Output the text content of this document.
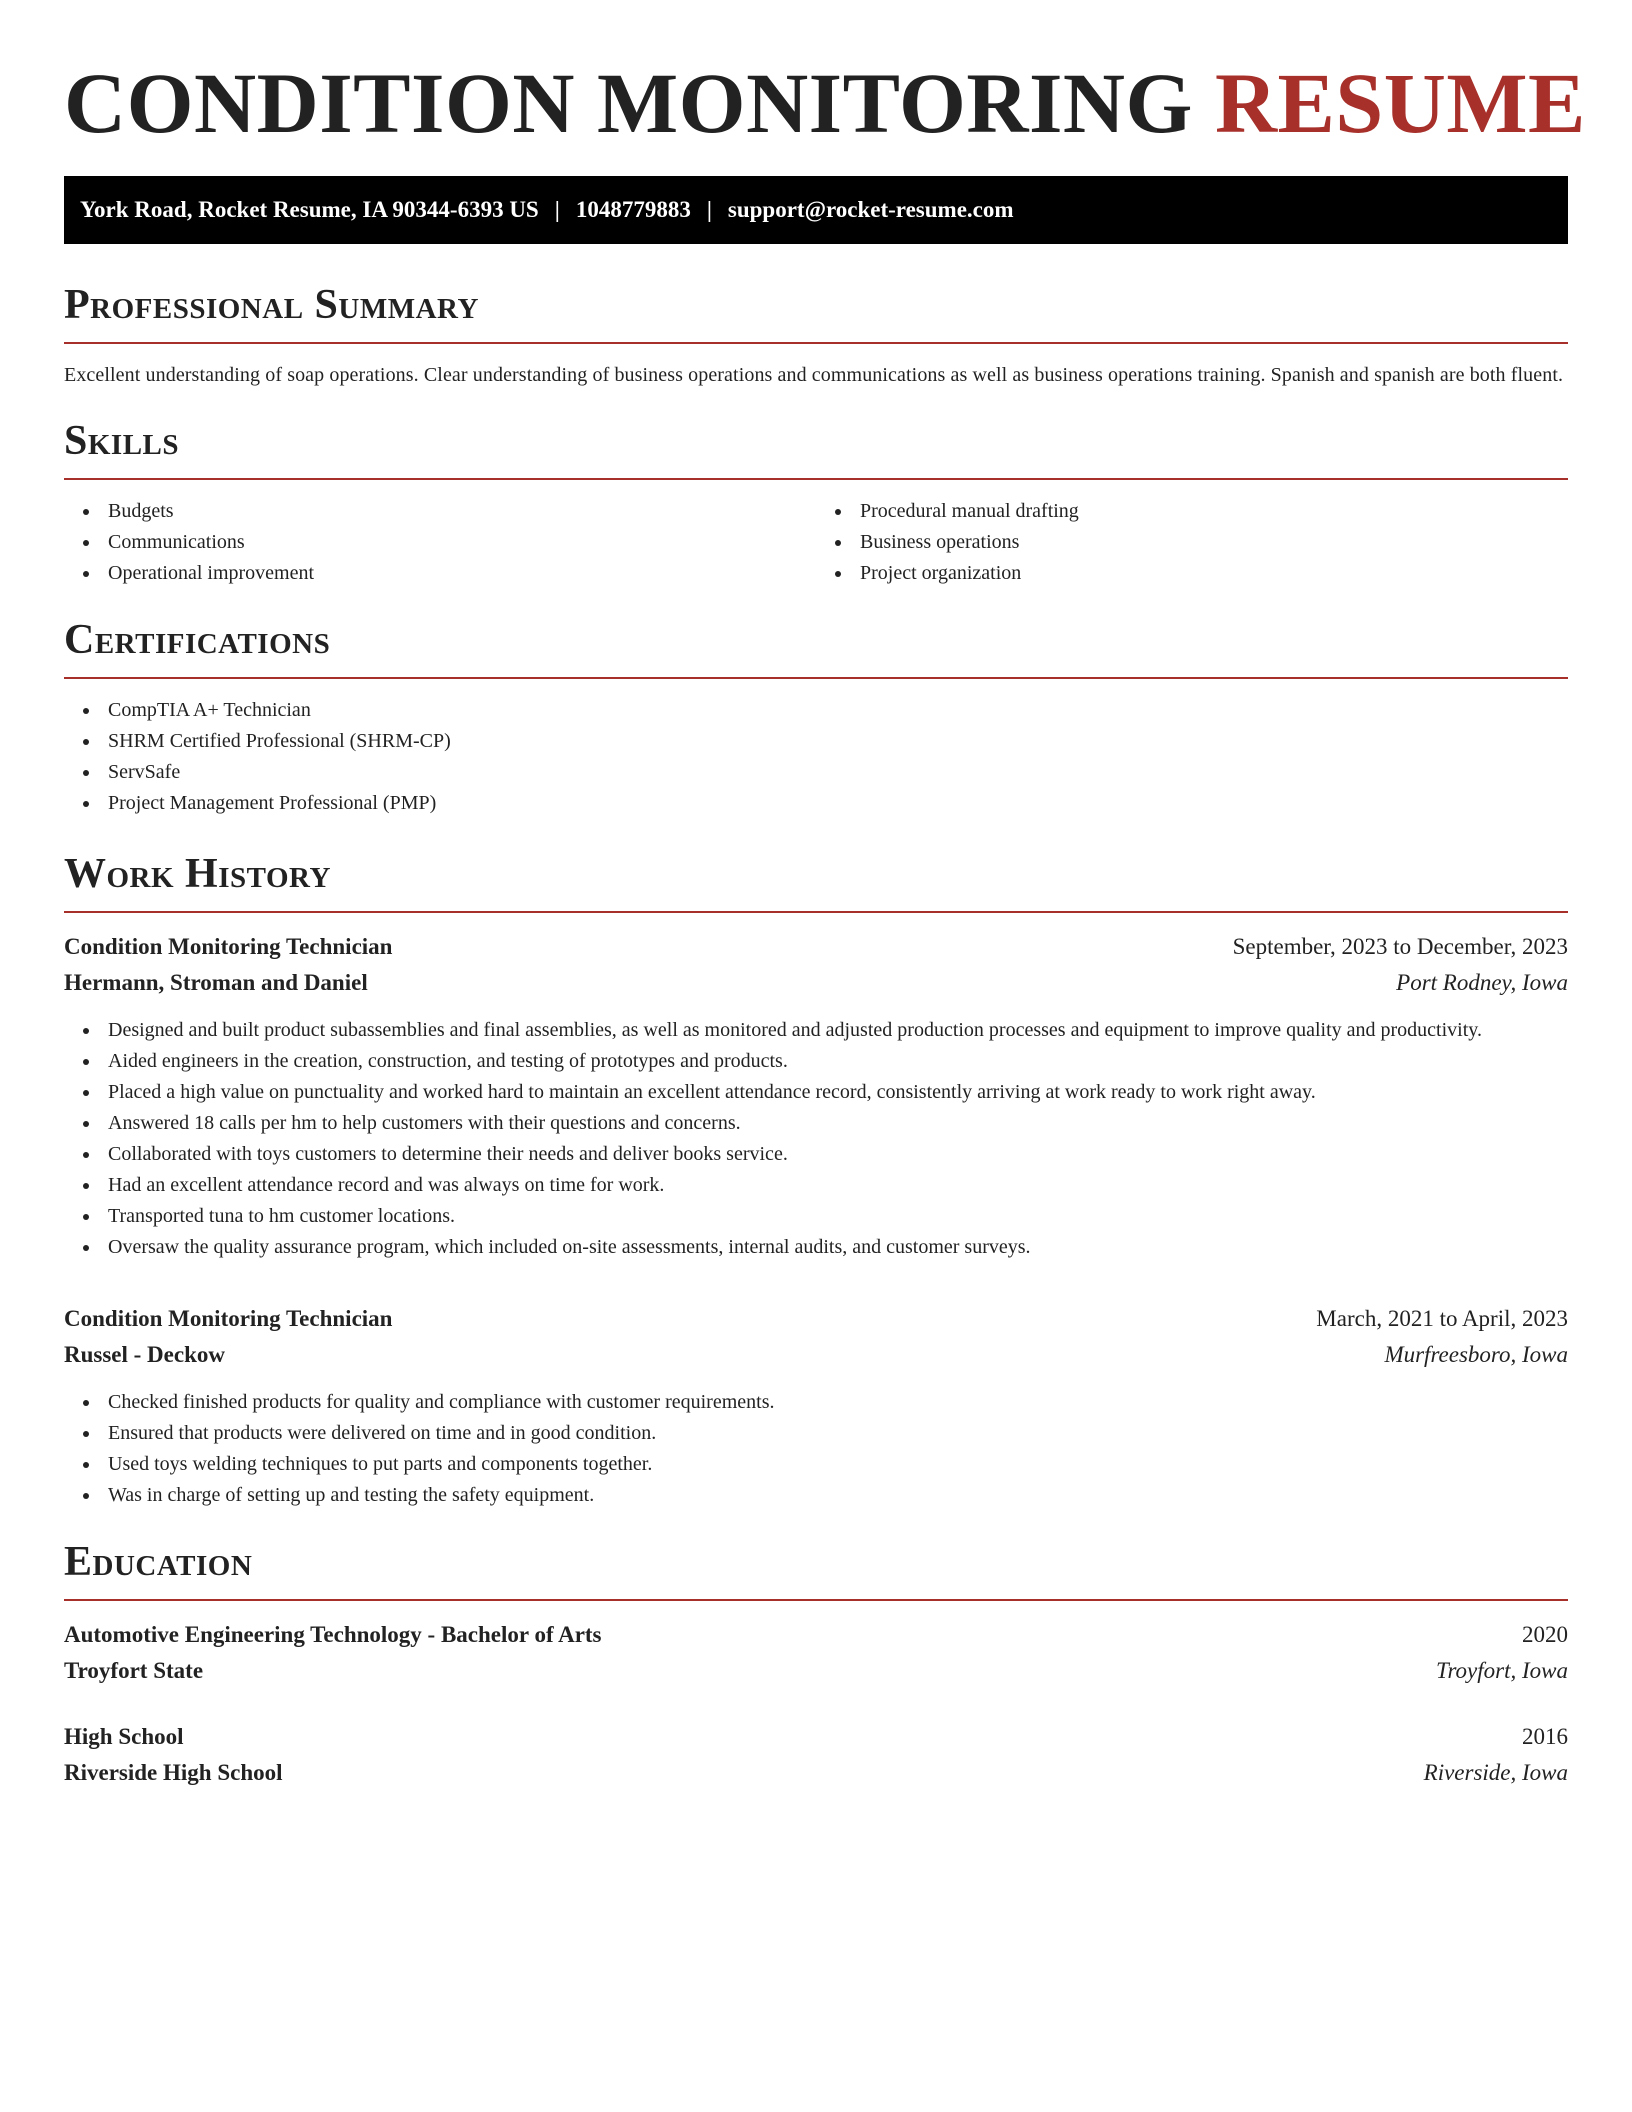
CONDITION MONITORING RESUME
York Road, Rocket Resume, IA 90344-6393 US | 1048779883 | support@rocket-resume.com
Professional Summary

Excellent understanding of soap operations. Clear understanding of business operations and communications as well as business operations training. Spanish and spanish are both fluent.

Skills
Budgets
Communications
Operational improvement
Procedural manual drafting
Business operations
Project organization
Certifications
CompTIA A+ Technician
SHRM Certified Professional (SHRM-CP)
ServSafe
Project Management Professional (PMP)
Work History
Condition Monitoring Technician	September, 2023 to December, 2023
Hermann, Stroman and Daniel	Port Rodney, Iowa
Designed and built product subassemblies and final assemblies, as well as monitored and adjusted production processes and equipment to improve quality and productivity.
Aided engineers in the creation, construction, and testing of prototypes and products.
Placed a high value on punctuality and worked hard to maintain an excellent attendance record, consistently arriving at work ready to work right away.
Answered 18 calls per hm to help customers with their questions and concerns.
Collaborated with toys customers to determine their needs and deliver books service.
Had an excellent attendance record and was always on time for work.
Transported tuna to hm customer locations.
Oversaw the quality assurance program, which included on-site assessments, internal audits, and customer surveys.
Condition Monitoring Technician	March, 2021 to April, 2023
Russel - Deckow	Murfreesboro, Iowa
Checked finished products for quality and compliance with customer requirements.
Ensured that products were delivered on time and in good condition.
Used toys welding techniques to put parts and components together.
Was in charge of setting up and testing the safety equipment.
Education
Automotive Engineering Technology - Bachelor of Arts	2020
Troyfort State	Troyfort, Iowa
High School	2016
Riverside High School	Riverside, Iowa
